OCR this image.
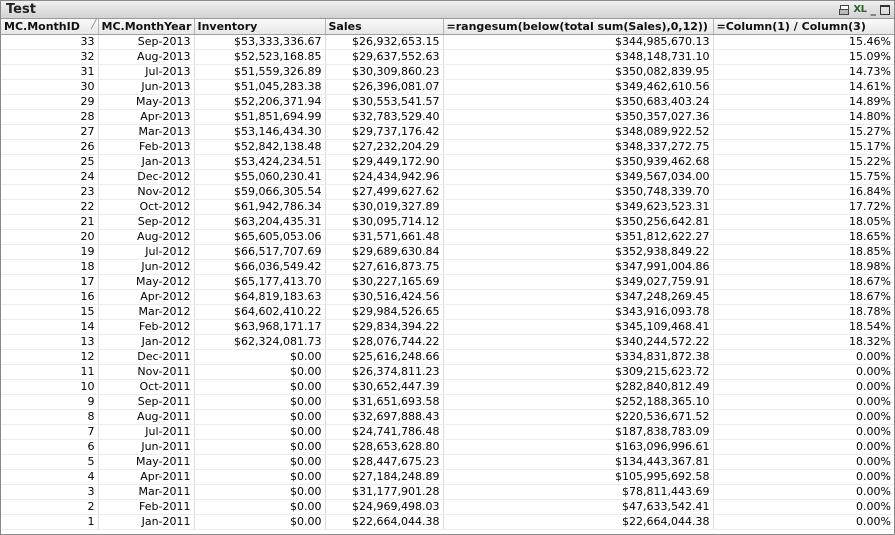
Test	XL _
MC.MonthID ╱	MC.MonthYear	Inventory	Sales	=rangesum(below(total sum(Sales),0,12))	=Column(1) / Column(3)
33	Sep-2013	$53,333,336.67	$26,932,653.15	$344,985,670.13	15.46%
32	Aug-2013	$52,523,168.85	$29,637,552.63	$348,148,731.10	15.09%
31	Jul-2013	$51,559,326.89	$30,309,860.23	$350,082,839.95	14.73%
30	Jun-2013	$51,045,283.38	$26,396,081.07	$349,462,610.56	14.61%
29	May-2013	$52,206,371.94	$30,553,541.57	$350,683,403.24	14.89%
28	Apr-2013	$51,851,694.99	$32,783,529.40	$350,357,027.36	14.80%
27	Mar-2013	$53,146,434.30	$29,737,176.42	$348,089,922.52	15.27%
26	Feb-2013	$52,842,138.48	$27,232,204.29	$348,337,272.75	15.17%
25	Jan-2013	$53,424,234.51	$29,449,172.90	$350,939,462.68	15.22%
24	Dec-2012	$55,060,230.41	$24,434,942.96	$349,567,034.00	15.75%
23	Nov-2012	$59,066,305.54	$27,499,627.62	$350,748,339.70	16.84%
22	Oct-2012	$61,942,786.34	$30,019,327.89	$349,623,523.31	17.72%
21	Sep-2012	$63,204,435.31	$30,095,714.12	$350,256,642.81	18.05%
20	Aug-2012	$65,605,053.06	$31,571,661.48	$351,812,622.27	18.65%
19	Jul-2012	$66,517,707.69	$29,689,630.84	$352,938,849.22	18.85%
18	Jun-2012	$66,036,549.42	$27,616,873.75	$347,991,004.86	18.98%
17	May-2012	$65,177,413.70	$30,227,165.69	$349,027,759.91	18.67%
16	Apr-2012	$64,819,183.63	$30,516,424.56	$347,248,269.45	18.67%
15	Mar-2012	$64,602,410.22	$29,984,526.65	$343,916,093.78	18.78%
14	Feb-2012	$63,968,171.17	$29,834,394.22	$345,109,468.41	18.54%
13	Jan-2012	$62,324,081.73	$28,076,744.22	$340,244,572.22	18.32%
12	Dec-2011	$0.00	$25,616,248.66	$334,831,872.38	0.00%
11	Nov-2011	$0.00	$26,374,811.23	$309,215,623.72	0.00%
10	Oct-2011	$0.00	$30,652,447.39	$282,840,812.49	0.00%
9	Sep-2011	$0.00	$31,651,693.58	$252,188,365.10	0.00%
8	Aug-2011	$0.00	$32,697,888.43	$220,536,671.52	0.00%
7	Jul-2011	$0.00	$24,741,786.48	$187,838,783.09	0.00%
6	Jun-2011	$0.00	$28,653,628.80	$163,096,996.61	0.00%
5	May-2011	$0.00	$28,447,675.23	$134,443,367.81	0.00%
4	Apr-2011	$0.00	$27,184,248.89	$105,995,692.58	0.00%
3	Mar-2011	$0.00	$31,177,901.28	$78,811,443.69	0.00%
2	Feb-2011	$0.00	$24,969,498.03	$47,633,542.41	0.00%
1	Jan-2011	$0.00	$22,664,044.38	$22,664,044.38	0.00%
